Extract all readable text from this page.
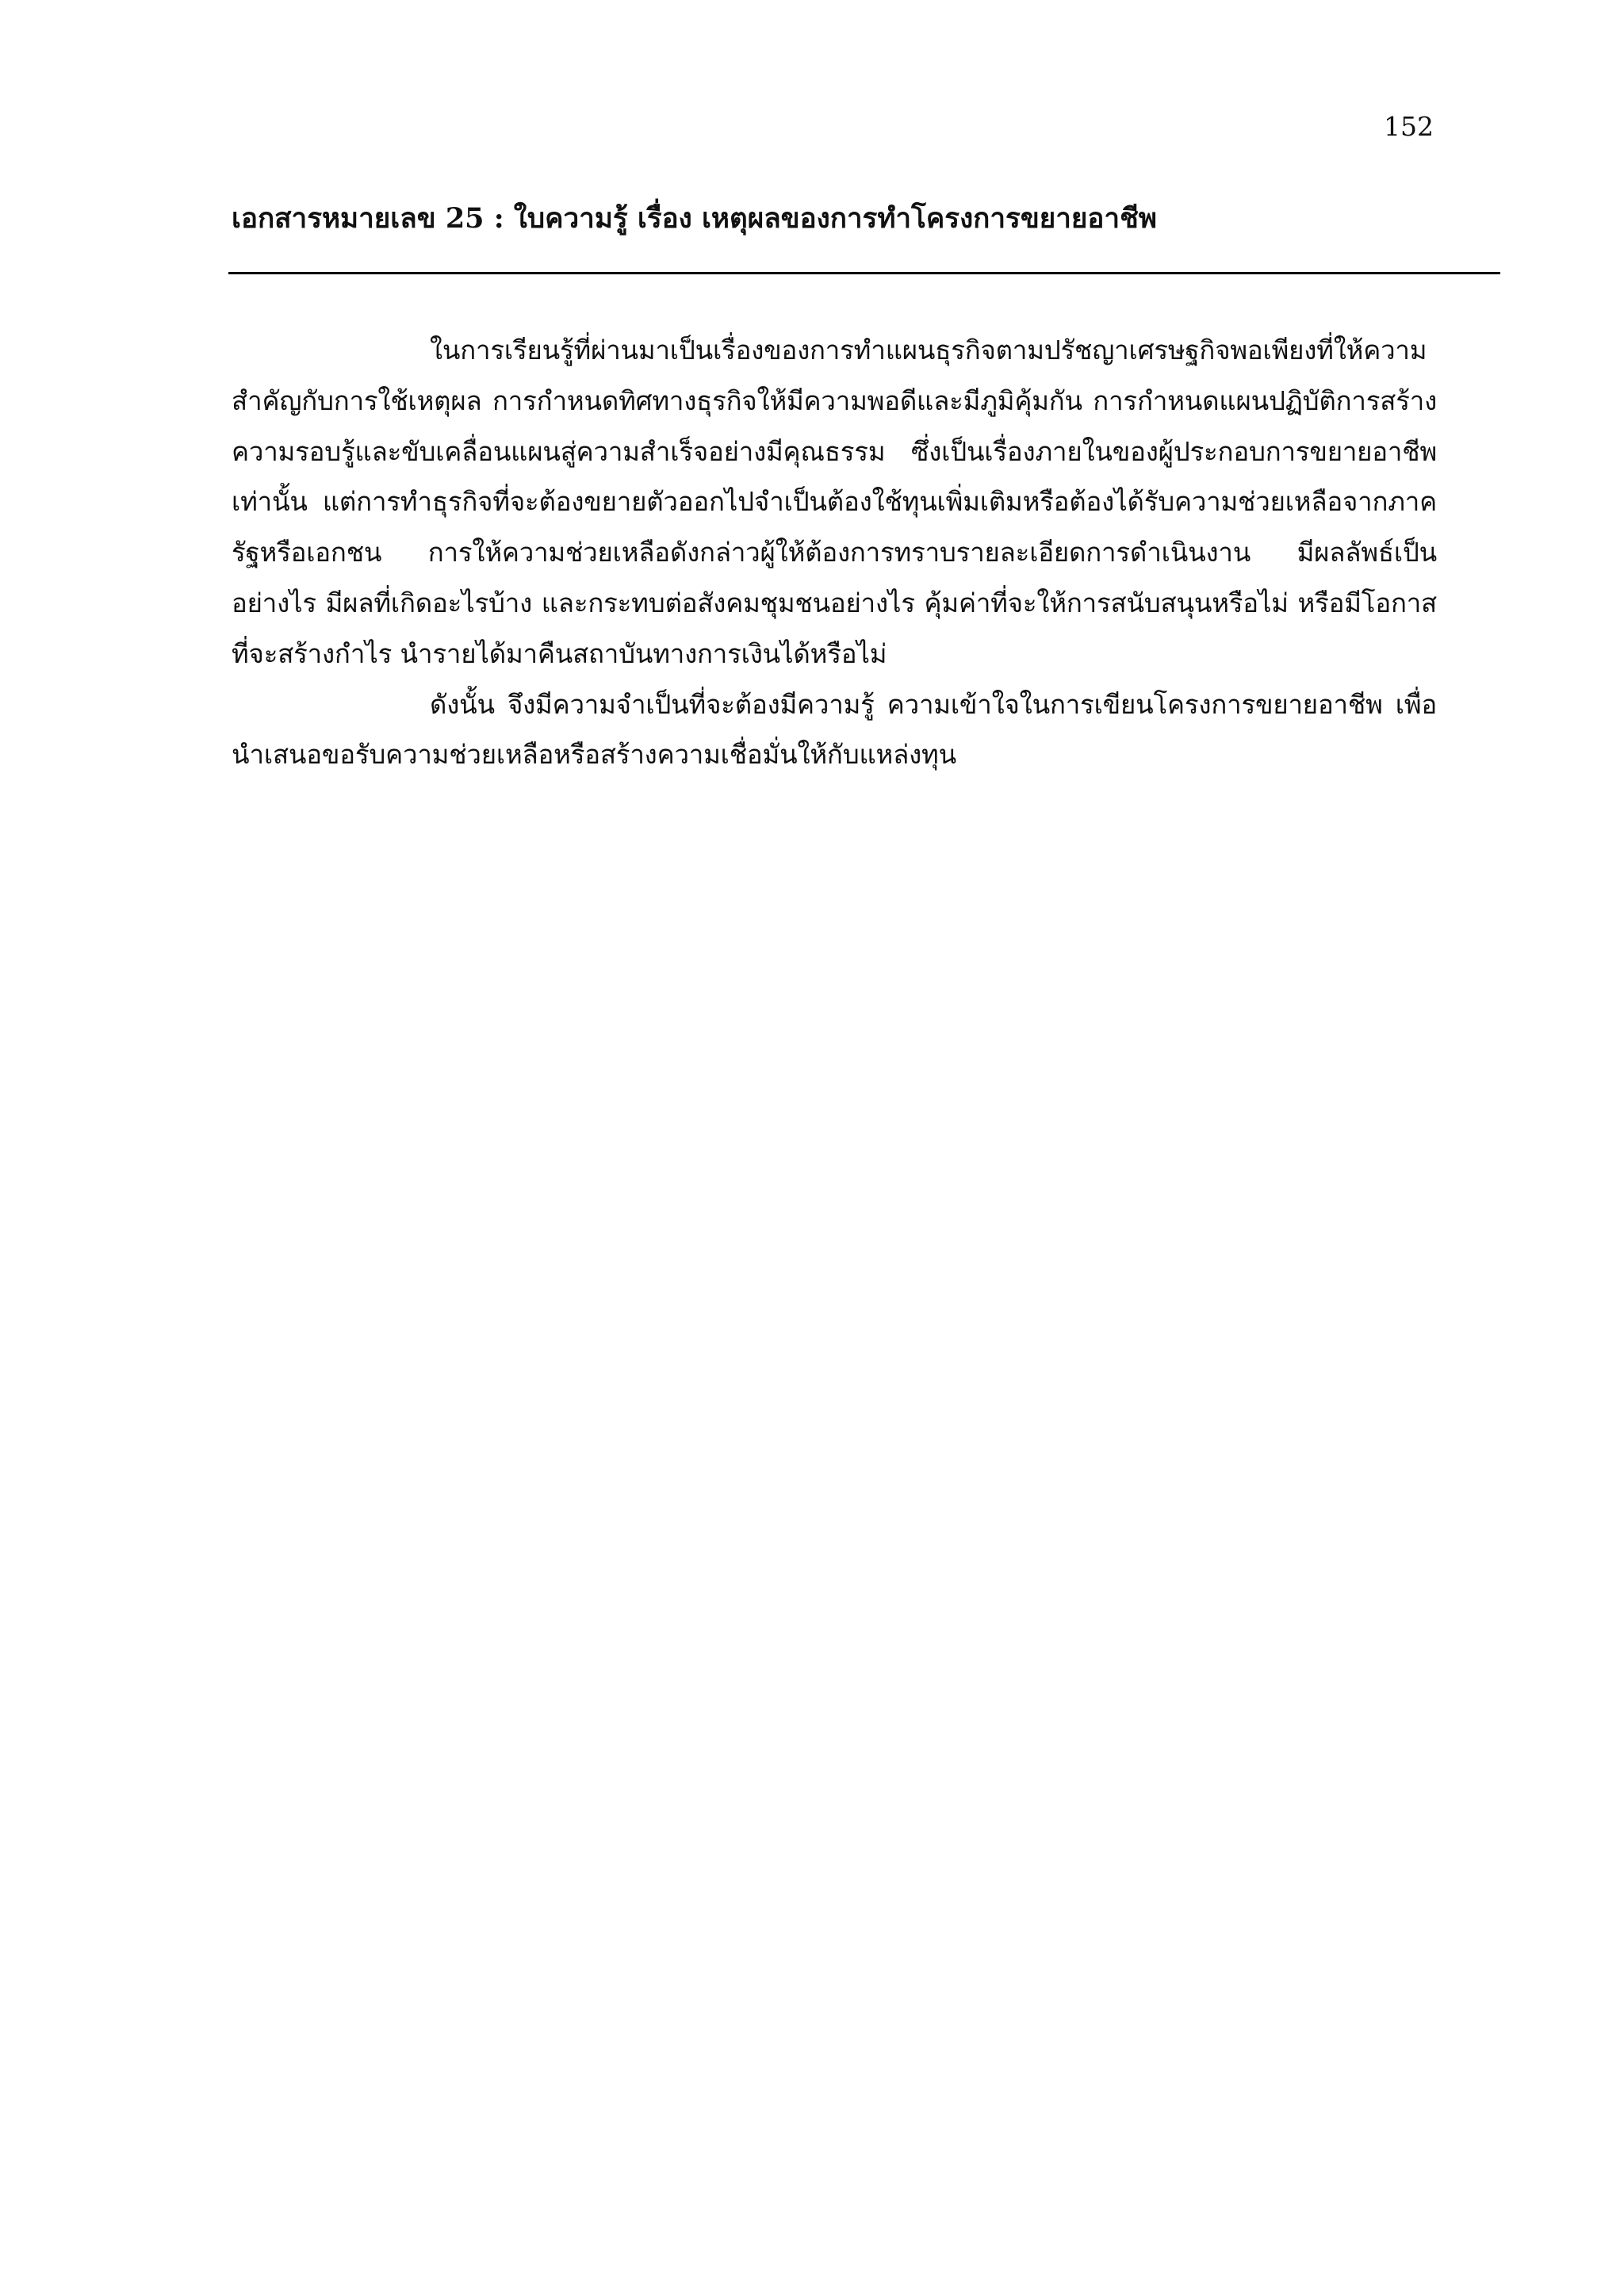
152
เอกสารหมายเลข 25 : ใบความรู้ เรื่อง เหตุผลของการทำโครงการขยายอาชีพ

ในการเรียนรู้ที่ผ่านมาเป็นเรื่องของการทำแผนธุรกิจตามปรัชญาเศรษฐกิจพอเพียงที่ให้ความสำคัญกับการใช้เหตุผล การกำหนดทิศทางธุรกิจให้มีความพอดีและมีภูมิคุ้มกัน การกำหนดแผนปฏิบัติการสร้างความรอบรู้และขับเคลื่อนแผนสู่ความสำเร็จอย่างมีคุณธรรม ซึ่งเป็นเรื่องภายในของผู้ประกอบการขยายอาชีพเท่านั้น แต่การทำธุรกิจที่จะต้องขยายตัวออกไปจำเป็นต้องใช้ทุนเพิ่มเติมหรือต้องได้รับความช่วยเหลือจากภาครัฐหรือเอกชน การให้ความช่วยเหลือดังกล่าวผู้ให้ต้องการทราบรายละเอียดการดำเนินงาน มีผลลัพธ์เป็นอย่างไร มีผลที่เกิดอะไรบ้าง และกระทบต่อสังคมชุมชนอย่างไร คุ้มค่าที่จะให้การสนับสนุนหรือไม่ หรือมีโอกาสที่จะสร้างกำไร นำรายได้มาคืนสถาบันทางการเงินได้หรือไม่

ดังนั้น จึงมีความจำเป็นที่จะต้องมีความรู้ ความเข้าใจในการเขียนโครงการขยายอาชีพ เพื่อนำเสนอขอรับความช่วยเหลือหรือสร้างความเชื่อมั่นให้กับแหล่งทุน
